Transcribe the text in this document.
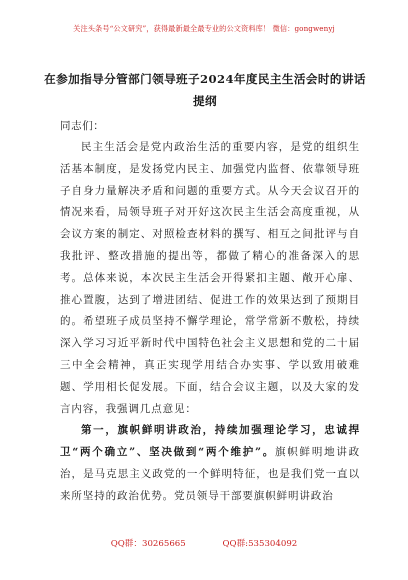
关注头条号“公文研究”，获得最新最全最专业的公文资料库！ 微信：gongwenyj
在参加指导分管部门领导班子2024年度民主生活会时的讲话提纲
同志们：

民主生活会是党内政治生活的重要内容，是党的组织生活基本制度，是发扬党内民主、加强党内监督、依靠领导班子自身力量解决矛盾和问题的重要方式。从今天会议召开的情况来看，局领导班子对开好这次民主生活会高度重视，从会议方案的制定、对照检查材料的撰写、相互之间批评与自我批评、整改措施的提出等，都做了精心的准备深入的思考。总体来说，本次民主生活会开得紧扣主题、敞开心扉、推心置腹，达到了增进团结、促进工作的效果达到了预期目的。希望班子成员坚持不懈学理论，常学常新不敷松，持续深入学习习近平新时代中国特色社会主义思想和党的二十届三中全会精神，真正实现学用结合办实事、学以致用破难题、学用相长促发展。下面，结合会议主题，以及大家的发言内容，我强调几点意见：

第一，旗帜鲜明讲政治，持续加强理论学习，忠诚捍卫“两个确立”、坚决做到“两个维护”。旗帜鲜明地讲政治，是马克思主义政党的一个鲜明特征，也是我们党一直以来所坚持的政治优势。党员领导干部要旗帜鲜明讲政治

QQ群：30265665	QQ群:535304092
